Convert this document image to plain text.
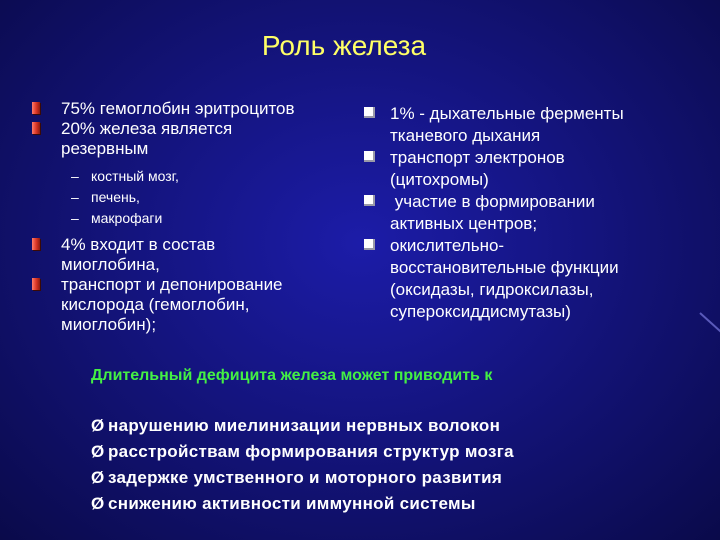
Роль железа
75% гемоглобин эритроцитов
20% железа является
резервным
– костный мозг,
– печень,
– макрофаги
4% входит в состав
миоглобина,
транспорт и депонирование
кислорода (гемоглобин,
миоглобин);
1% - дыхательные ферменты
тканевого дыхания
транспорт электронов
(цитохромы)
участие в формировании
активных центров;
окислительно-
восстановительные функции
(оксидазы, гидроксилазы,
супероксиддисмутазы)
Длительный дефицита железа может приводить к
Ø нарушению миелинизации нервных волокон
Ø расстройствам формирования структур мозга
Ø задержке умственного и моторного развития
Ø снижению активности иммунной системы
